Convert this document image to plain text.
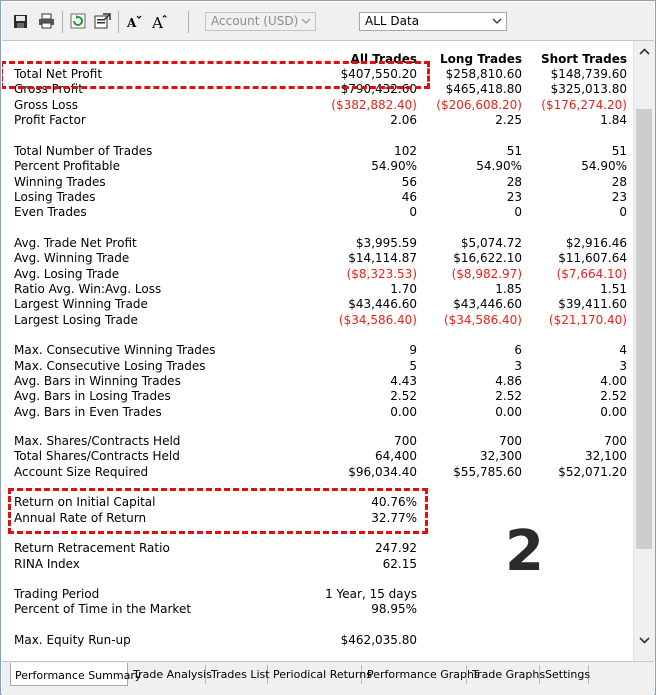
A A	Account (USD)	ALL Data
All Trades	Long Trades	Short Trades
Total Net Profit	$407,550.20	$258,810.60	$148,739.60
Gross Profit	$790,432.60	$465,418.80	$325,013.80
Gross Loss	($382,882.40)	($206,608.20)	($176,274.20)
Profit Factor	2.06	2.25	1.84
Total Number of Trades	102	51	51
Percent Profitable	54.90%	54.90%	54.90%
Winning Trades	56	28	28
Losing Trades	46	23	23
Even Trades	0	0	0
Avg. Trade Net Profit	$3,995.59	$5,074.72	$2,916.46
Avg. Winning Trade	$14,114.87	$16,622.10	$11,607.64
Avg. Losing Trade	($8,323.53)	($8,982.97)	($7,664.10)
Ratio Avg. Win:Avg. Loss	1.70	1.85	1.51
Largest Winning Trade	$43,446.60	$43,446.60	$39,411.60
Largest Losing Trade	($34,586.40)	($34,586.40)	($21,170.40)
Max. Consecutive Winning Trades	9	6	4
Max. Consecutive Losing Trades	5	3	3
Avg. Bars in Winning Trades	4.43	4.86	4.00
Avg. Bars in Losing Trades	2.52	2.52	2.52
Avg. Bars in Even Trades	0.00	0.00	0.00
Max. Shares/Contracts Held	700	700	700
Total Shares/Contracts Held	64,400	32,300	32,100
Account Size Required	$96,034.40	$55,785.60	$52,071.20
Return on Initial Capital	40.76%
Annual Rate of Return	32.77%
Return Retracement Ratio	247.92
RINA Index	62.15
Trading Period	1 Year, 15 days
Percent of Time in the Market	98.95%
Max. Equity Run-up	$462,035.80
2
Performance Summary
Trade Analysis Trades List Periodical Returns
Performance Graphs
Trade Graphs Settings
